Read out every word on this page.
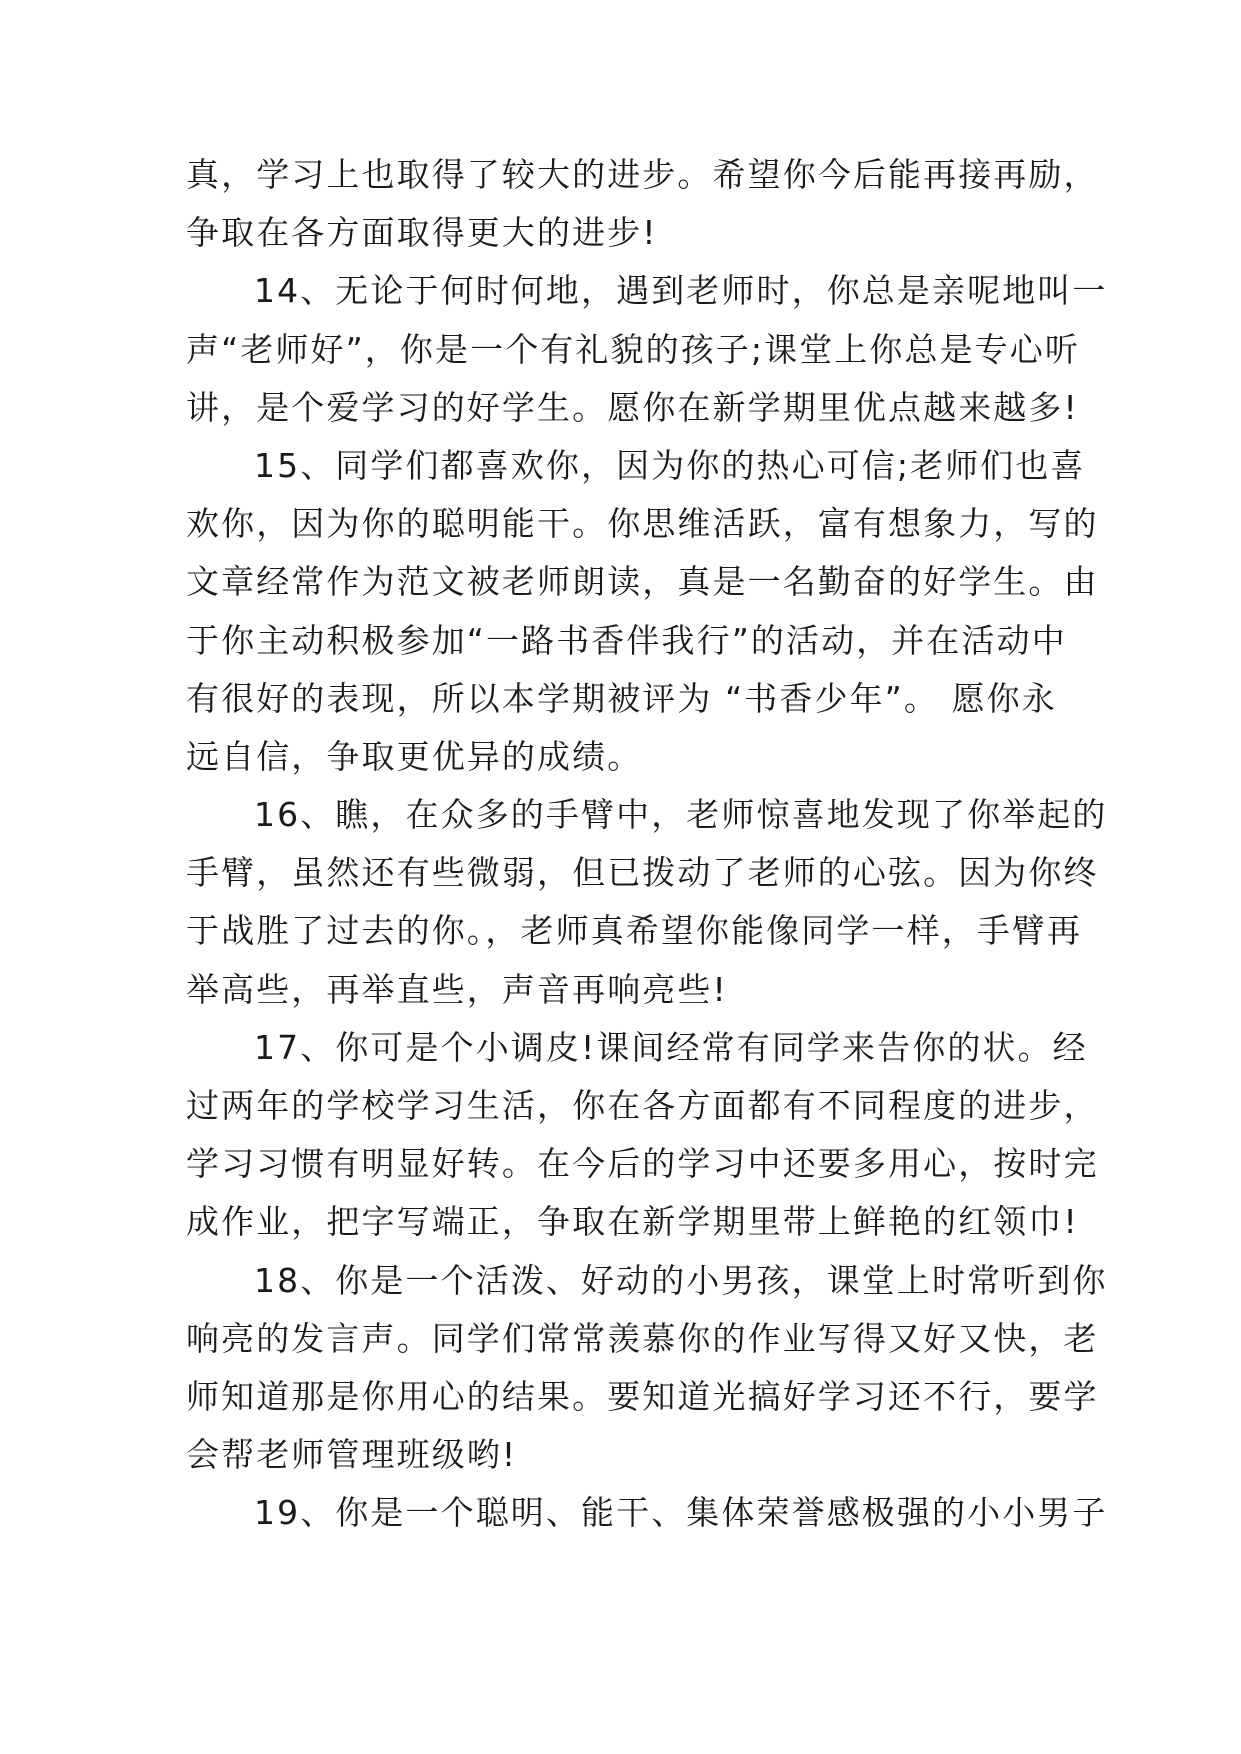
真，学习上也取得了较大的进步。希望你今后能再接再励，
争取在各方面取得更大的进步!
14、无论于何时何地，遇到老师时，你总是亲呢地叫一
声“老师好”，你是一个有礼貌的孩子;课堂上你总是专心听
讲，是个爱学习的好学生。愿你在新学期里优点越来越多!
15、同学们都喜欢你，因为你的热心可信;老师们也喜
欢你，因为你的聪明能干。你思维活跃，富有想象力，写的
文章经常作为范文被老师朗读，真是一名勤奋的好学生。由
于你主动积极参加“一路书香伴我行”的活动，并在活动中
有很好的表现，所以本学期被评为 “书香少年”。 愿你永
远自信，争取更优异的成绩。
16、瞧，在众多的手臂中，老师惊喜地发现了你举起的
手臂，虽然还有些微弱，但已拨动了老师的心弦。因为你终
于战胜了过去的你。，老师真希望你能像同学一样，手臂再
举高些，再举直些，声音再响亮些!
17、你可是个小调皮!课间经常有同学来告你的状。经
过两年的学校学习生活，你在各方面都有不同程度的进步，
学习习惯有明显好转。在今后的学习中还要多用心，按时完
成作业，把字写端正，争取在新学期里带上鲜艳的红领巾!
18、你是一个活泼、好动的小男孩，课堂上时常听到你
响亮的发言声。同学们常常羡慕你的作业写得又好又快，老
师知道那是你用心的结果。要知道光搞好学习还不行，要学
会帮老师管理班级哟!
19、你是一个聪明、能干、集体荣誉感极强的小小男子
